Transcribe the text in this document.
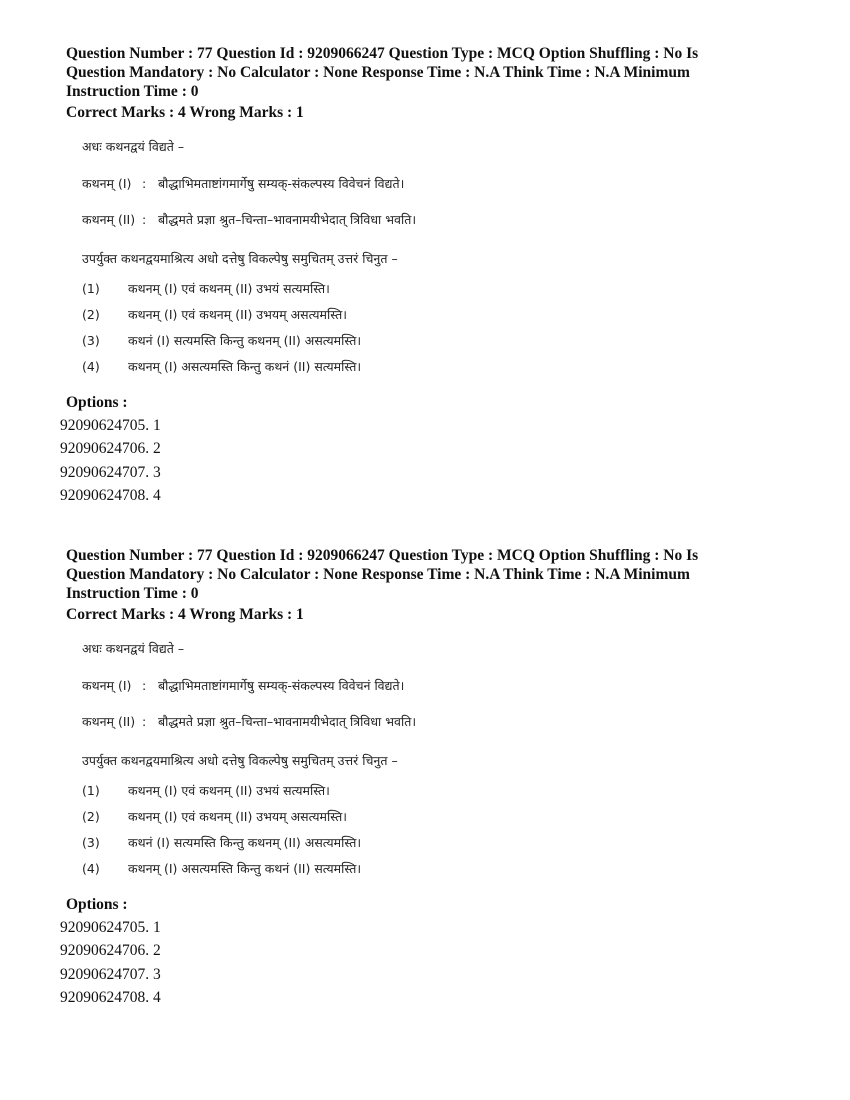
Question Number : 77 Question Id : 9209066247 Question Type : MCQ Option Shuffling : No Is
Question Mandatory : No Calculator : None Response Time : N.A Think Time : N.A Minimum
Instruction Time : 0
Correct Marks : 4 Wrong Marks : 1
अधः कथनद्वयं विद्यते –
कथनम् (I) : बौद्धाभिमताष्टांगमार्गेषु सम्यक्-संकल्पस्य विवेचनं विद्यते।
कथनम् (II) : बौद्धमते प्रज्ञा श्रुत–चिन्ता–भावनामयीभेदात् त्रिविधा भवति।
उपर्युक्त कथनद्वयमाश्रित्य अधो दत्तेषु विकल्पेषु समुचितम् उत्तरं चिनुत –
(1)	कथनम् (I) एवं कथनम् (II) उभयं सत्यमस्ति।
(2)	कथनम् (I) एवं कथनम् (II) उभयम् असत्यमस्ति।
(3)	कथनं (I) सत्यमस्ति किन्तु कथनम् (II) असत्यमस्ति।
(4)	कथनम् (I) असत्यमस्ति किन्तु कथनं (II) सत्यमस्ति।
Options :
92090624705. 1
92090624706. 2
92090624707. 3
92090624708. 4
Question Number : 77 Question Id : 9209066247 Question Type : MCQ Option Shuffling : No Is
Question Mandatory : No Calculator : None Response Time : N.A Think Time : N.A Minimum
Instruction Time : 0
Correct Marks : 4 Wrong Marks : 1
अधः कथनद्वयं विद्यते –
कथनम् (I) : बौद्धाभिमताष्टांगमार्गेषु सम्यक्-संकल्पस्य विवेचनं विद्यते।
कथनम् (II) : बौद्धमते प्रज्ञा श्रुत–चिन्ता–भावनामयीभेदात् त्रिविधा भवति।
उपर्युक्त कथनद्वयमाश्रित्य अधो दत्तेषु विकल्पेषु समुचितम् उत्तरं चिनुत –
(1)	कथनम् (I) एवं कथनम् (II) उभयं सत्यमस्ति।
(2)	कथनम् (I) एवं कथनम् (II) उभयम् असत्यमस्ति।
(3)	कथनं (I) सत्यमस्ति किन्तु कथनम् (II) असत्यमस्ति।
(4)	कथनम् (I) असत्यमस्ति किन्तु कथनं (II) सत्यमस्ति।
Options :
92090624705. 1
92090624706. 2
92090624707. 3
92090624708. 4
